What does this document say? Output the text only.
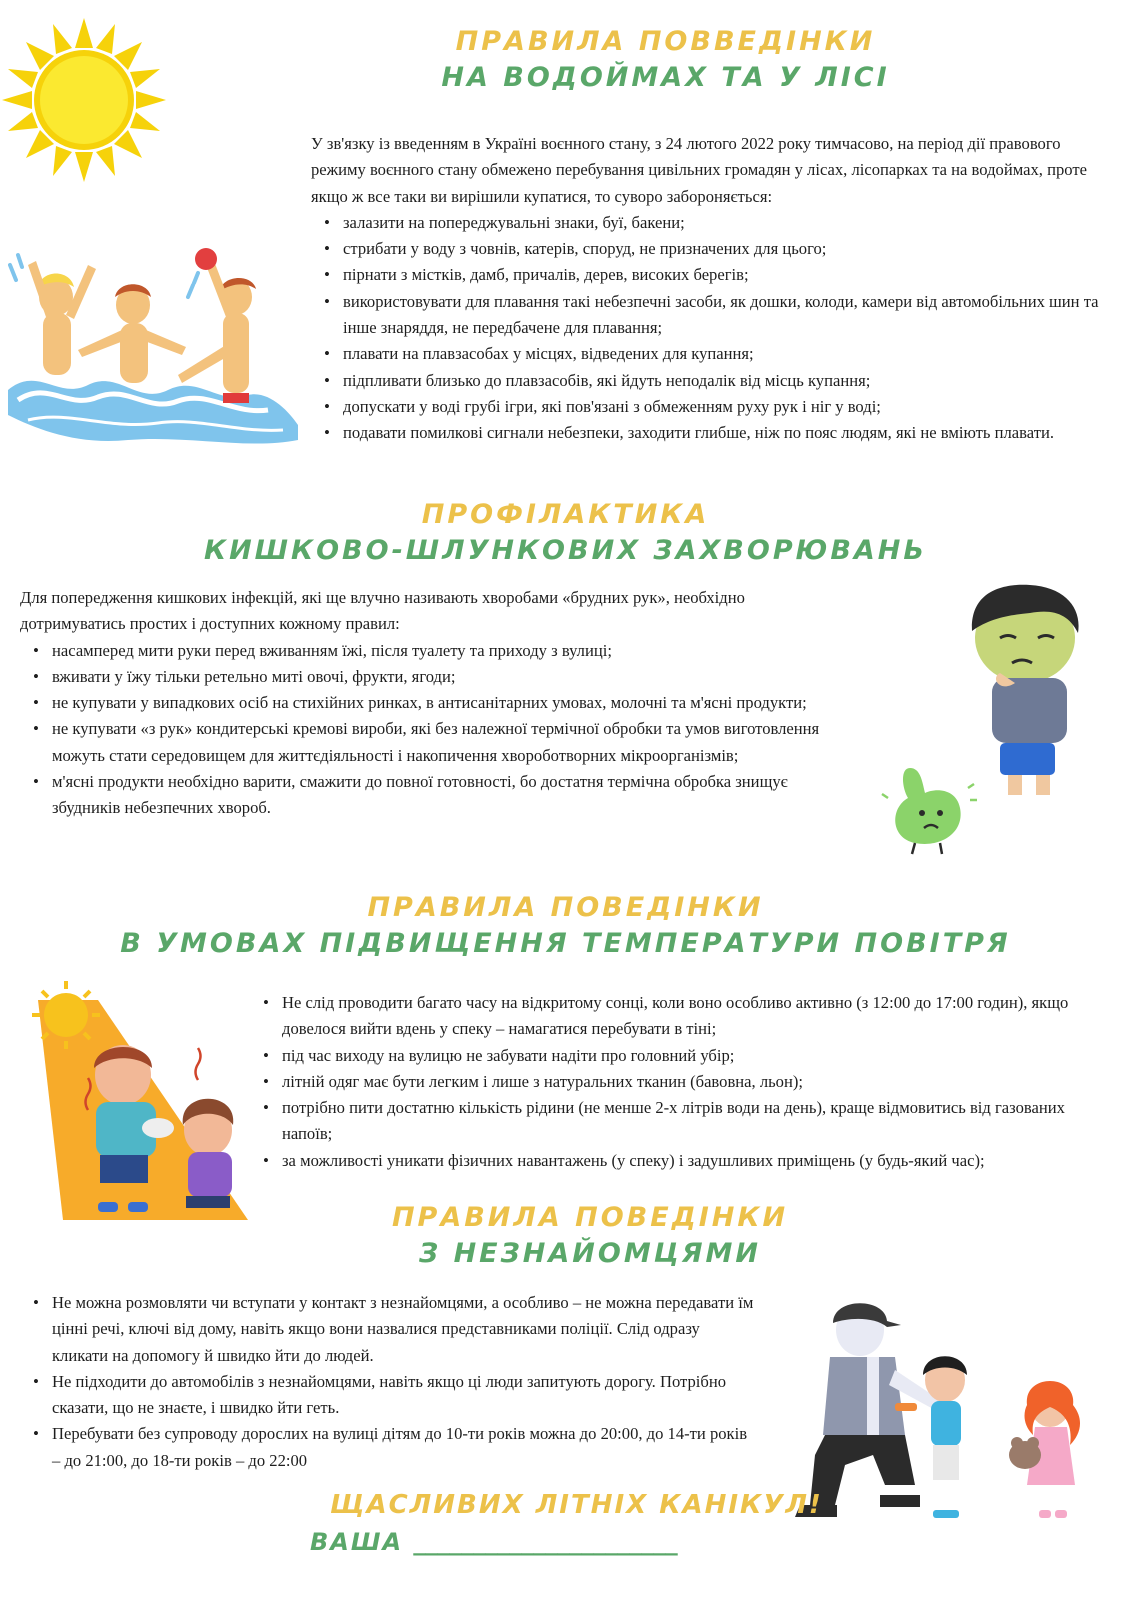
ПРАВИЛА ПОВВЕДІНКИ
НА ВОДОЙМАХ ТА У ЛІСІ

У зв'язку із введенням в Україні воєнного стану, з 24 лютого 2022 року тимчасово, на період дії правового режиму воєнного стану обмежено перебування цивільних громадян у лісах, лісопарках та на водоймах, проте якщо ж все таки ви вирішили купатися, то суворо забороняється:

• залазити на попереджувальні знаки, буї, бакени;
• стрибати у воду з човнів, катерів, споруд, не призначених для цього;
• пірнати з містків, дамб, причалів, дерев, високих берегів;
• використовувати для плавання такі небезпечні засоби, як дошки, колоди, камери від автомобільних шин та інше знаряддя, не передбачене для плавання;
• плавати на плавзасобах у місцях, відведених для купання;
• підпливати близько до плавзасобів, які йдуть неподалік від місць купання;
• допускати у воді грубі ігри, які пов'язані з обмеженням руху рук і ніг у воді;
• подавати помилкові сигнали небезпеки, заходити глибше, ніж по пояс людям, які не вміють плавати.
ПРОФІЛАКТИКА
КИШКОВО-ШЛУНКОВИХ ЗАХВОРЮВАНЬ

Для попередження кишкових інфекцій, які ще влучно називають хворобами «брудних рук», необхідно дотримуватись простих і доступних кожному правил:

• насамперед мити руки перед вживанням їжі, після туалету та приходу з вулиці;
• вживати у їжу тільки ретельно миті овочі, фрукти, ягоди;
• не купувати у випадкових осіб на стихійних ринках, в антисанітарних умовах, молочні та м'ясні продукти;
• не купувати «з рук» кондитерські кремові вироби, які без належної термічної обробки та умов виготовлення можуть стати середовищем для життєдіяльності і накопичення хвороботворних мікроорганізмів;
• м'ясні продукти необхідно варити, смажити до повної готовності, бо достатня термічна обробка знищує збудників небезпечних хвороб.
ПРАВИЛА ПОВЕДІНКИ
В УМОВАХ ПІДВИЩЕННЯ ТЕМПЕРАТУРИ ПОВІТРЯ
• Не слід проводити багато часу на відкритому сонці, коли воно особливо активно (з 12:00 до 17:00 годин), якщо довелося вийти вдень у спеку – намагатися перебувати в тіні;
• під час виходу на вулицю не забувати надіти про головний убір;
• літній одяг має бути легким і лише з натуральних тканин (бавовна, льон);
• потрібно пити достатню кількість рідини (не менше 2-х літрів води на день), краще відмовитись від газованих напоїв;
• за можливості уникати фізичних навантажень (у спеку) і задушливих приміщень (у будь-який час);
ПРАВИЛА ПОВЕДІНКИ
З НЕЗНАЙОМЦЯМИ
• Не можна розмовляти чи вступати у контакт з незнайомцями, а особливо – не можна передавати їм цінні речі, ключі від дому, навіть якщо вони назвалися представниками поліції. Слід одразу кликати на допомогу й швидко йти до людей.
• Не підходити до автомобілів з незнайомцями, навіть якщо ці люди запитують дорогу. Потрібно сказати, що не знаєте, і швидко йти геть.
• Перебувати без супроводу дорослих на вулиці дітям до 10-ти років можна до 20:00, до 14-ти років – до 21:00, до 18-ти років – до 22:00
ЩАСЛИВИХ ЛІТНІХ КАНІКУЛ!
ВАША ______________________
